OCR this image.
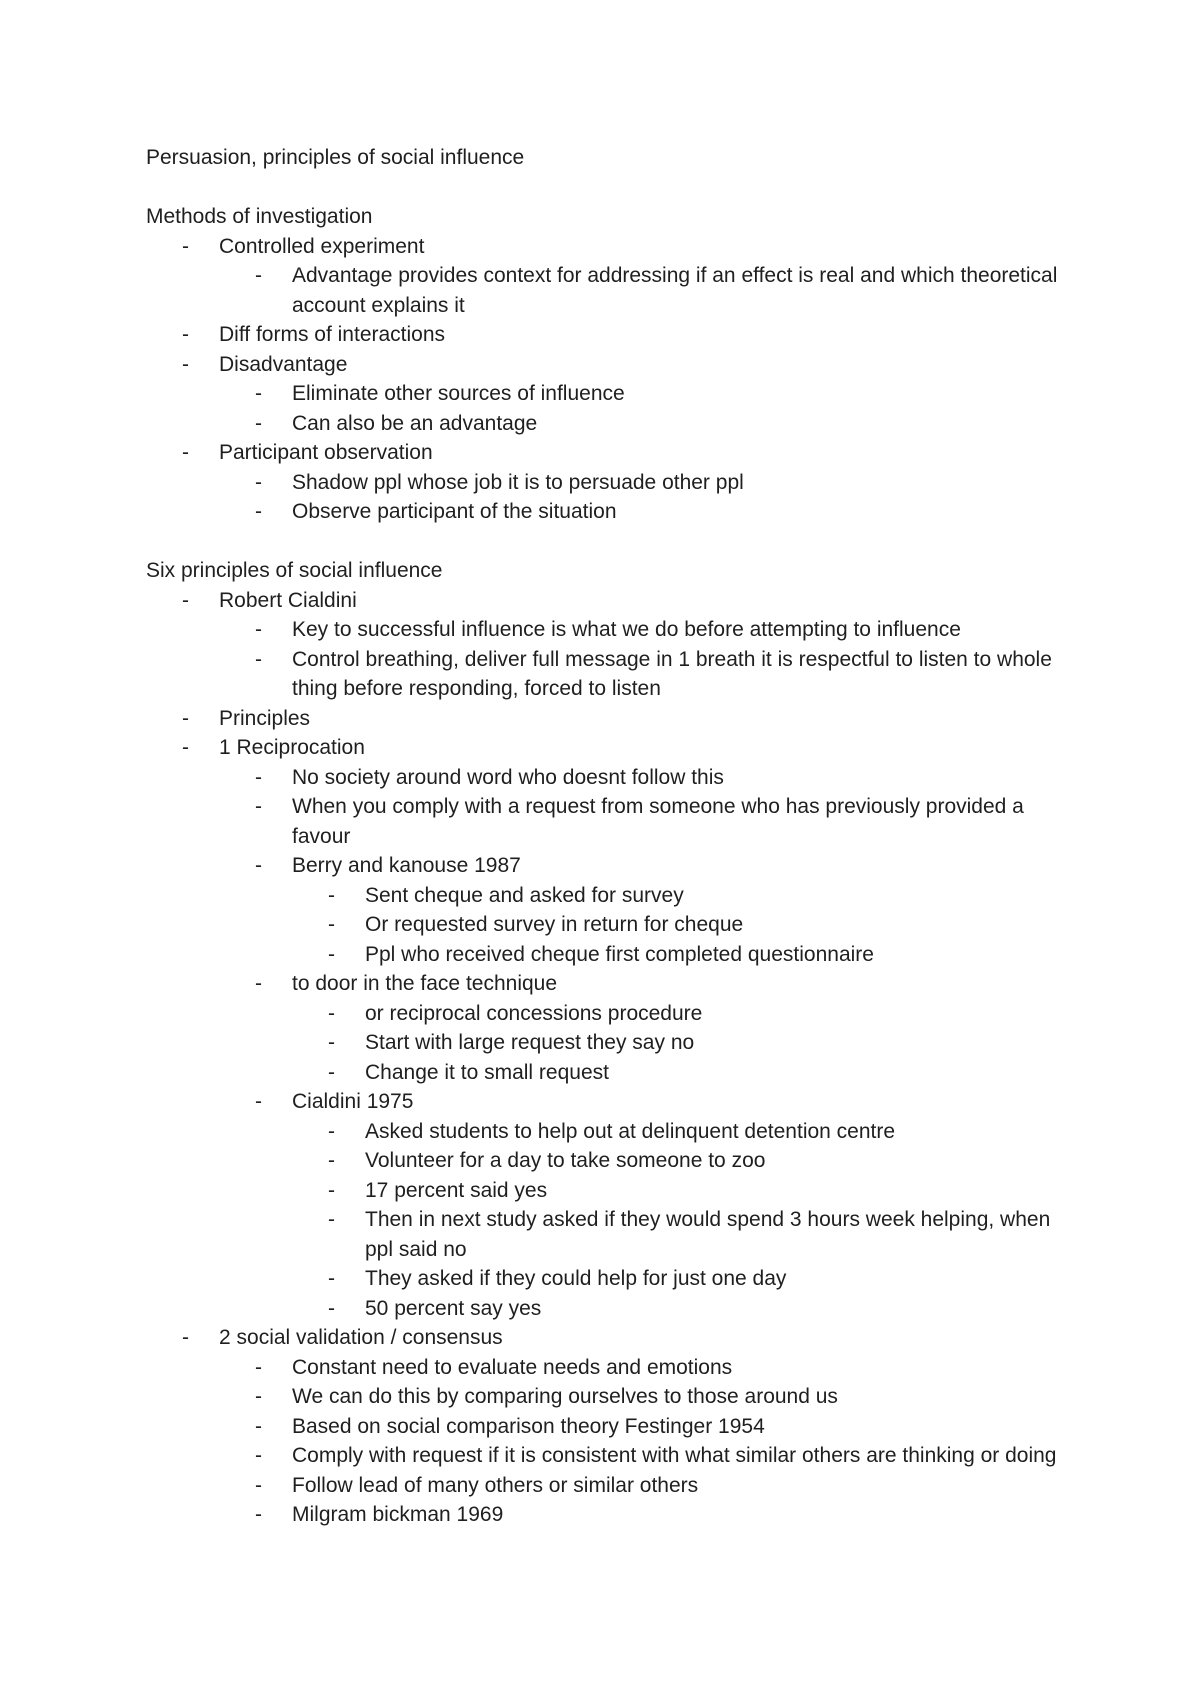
Persuasion, principles of social influence

Methods of investigation

- Controlled experiment
- Advantage provides context for addressing if an effect is real and which theoretical account explains it
- Diff forms of interactions
- Disadvantage
- Eliminate other sources of influence
- Can also be an advantage
- Participant observation
- Shadow ppl whose job it is to persuade other ppl
- Observe participant of the situation

Six principles of social influence

- Robert Cialdini
- Key to successful influence is what we do before attempting to influence
- Control breathing, deliver full message in 1 breath it is respectful to listen to whole thing before responding, forced to listen
- Principles
- 1 Reciprocation
- No society around word who doesnt follow this
- When you comply with a request from someone who has previously provided a favour
- Berry and kanouse 1987
- Sent cheque and asked for survey
- Or requested survey in return for cheque
- Ppl who received cheque first completed questionnaire
- to door in the face technique
- or reciprocal concessions procedure
- Start with large request they say no
- Change it to small request
- Cialdini 1975
- Asked students to help out at delinquent detention centre
- Volunteer for a day to take someone to zoo
- 17 percent said yes
- Then in next study asked if they would spend 3 hours week helping, when ppl said no
- They asked if they could help for just one day
- 50 percent say yes
- 2 social validation / consensus
- Constant need to evaluate needs and emotions
- We can do this by comparing ourselves to those around us
- Based on social comparison theory Festinger 1954
- Comply with request if it is consistent with what similar others are thinking or doing
- Follow lead of many others or similar others
- Milgram bickman 1969
